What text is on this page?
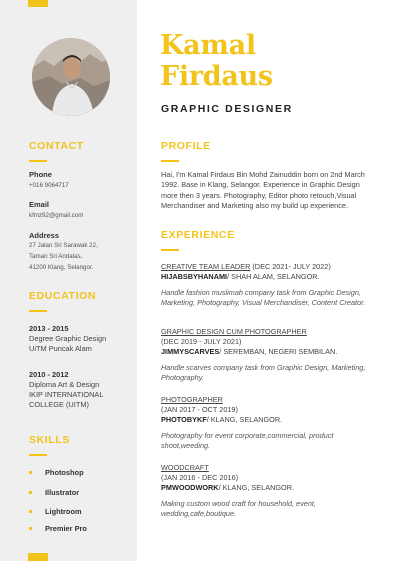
CONTACT
Phone
+016 9064717
Email
kfmz92@gmail.com
Address
27 Jalan Sri Sarawak 22,
Taman Sri Andalas,
41200 Klang, Selangor.
EDUCATION
2013 - 2015
Degree Graphic Design
UiTM Puncak Alam
2010 - 2012
Diploma Art & Design
IKIP INTERNATIONAL
COLLEGE (UITM)
SKILLS
Photoshop
Illustrator
Lightroom
Premier Pro
Kamal
Firdaus
GRAPHIC DESIGNER
PROFILE
Hai, I'm Kamal Firdaus Bin Mohd Zainuddin born on 2nd March 1992. Base in Klang, Selangor. Experience in Graphic Design more then 3 years. Photography, Editor photo retouch,Visual Merchandiser and Marketing also my build up experience.
EXPERIENCE
CREATIVE TEAM LEADER (DEC 2021- JULY 2022)
HIJABSBYHANAMI/ SHAH ALAM, SELANGOR.
Handle fashion muslimah company task from Graphic Design, Marketing, Photography, Visual Merchandiser, Content Creator.
GRAPHIC DESIGN CUM PHOTOGRAPHER
(DEC 2019 - JULY 2021)
JIMMYSCARVES/ SEREMBAN, NEGERI SEMBILAN.
Handle scarves company task from Graphic Design, Marketing, Photography.
PHOTOGRAPHER
(JAN 2017 - OCT 2019)
PHOTOBYKF/ KLANG, SELANGOR.
Photography for event corporate,commercial, product shoot,weeding.
WOODCRAFT
(JAN 2016 - DEC 2016)
PMWOODWORK/ KLANG, SELANGOR.
Making custom wood craft for household, event, wedding,cafe,boutique.
